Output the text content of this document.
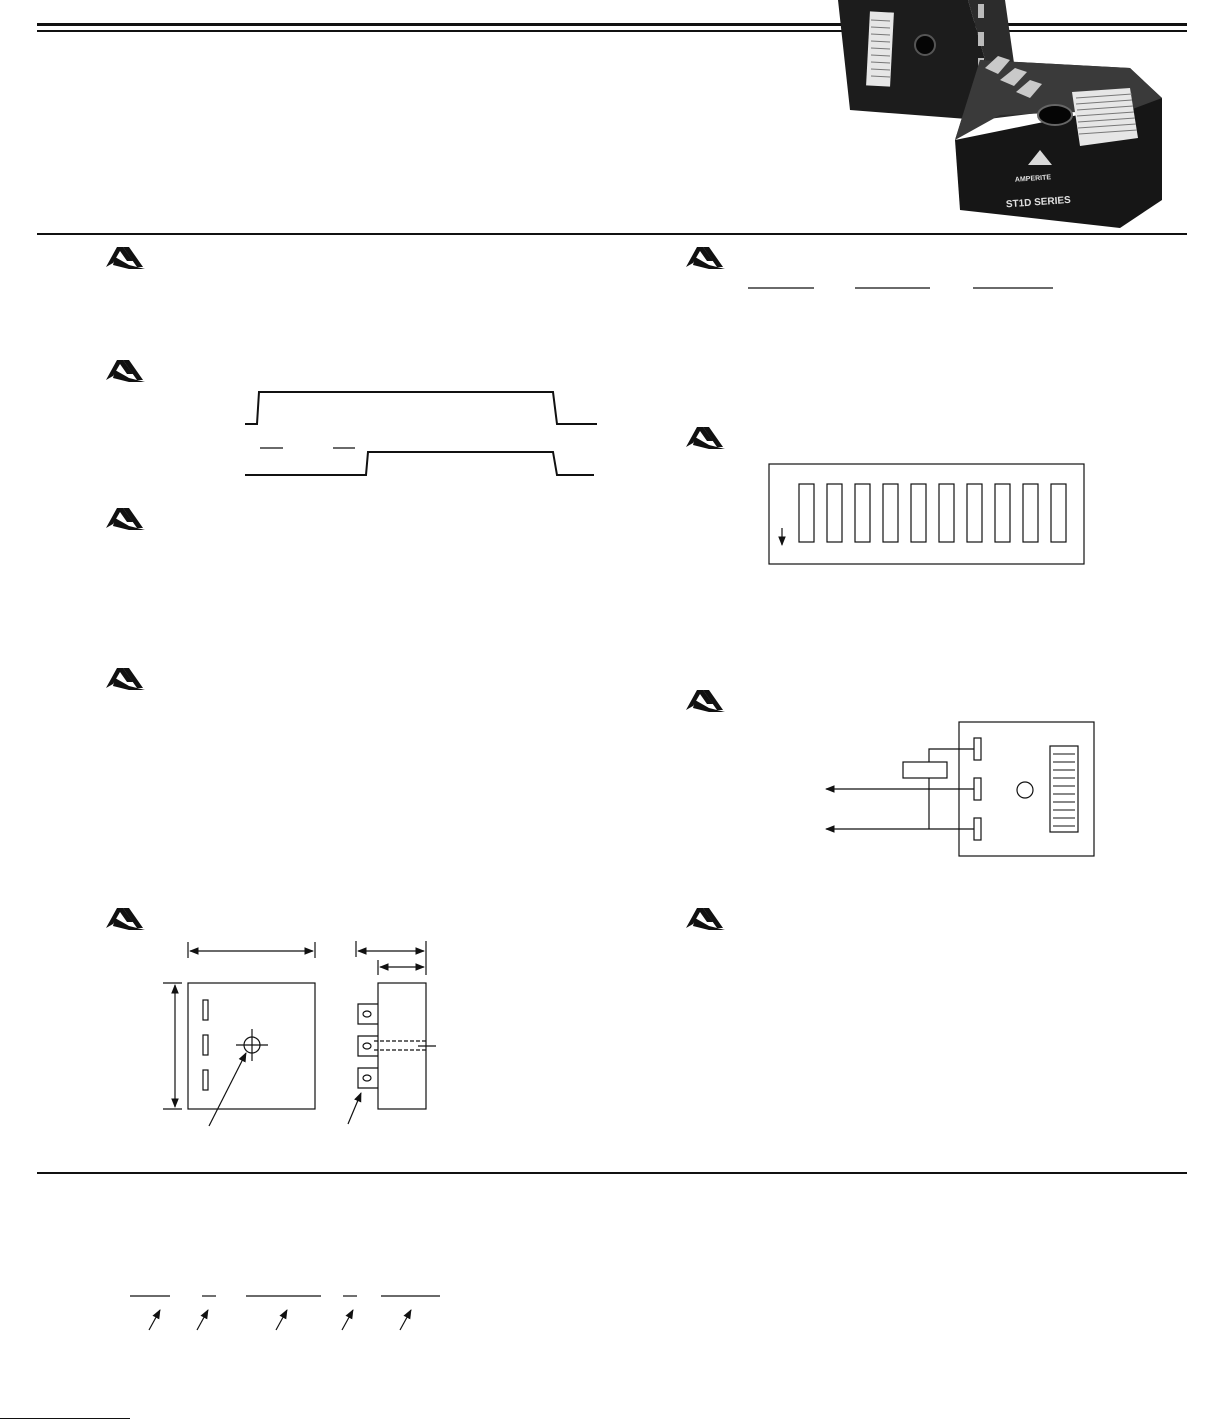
AMPERITE
ST1D SERIES
